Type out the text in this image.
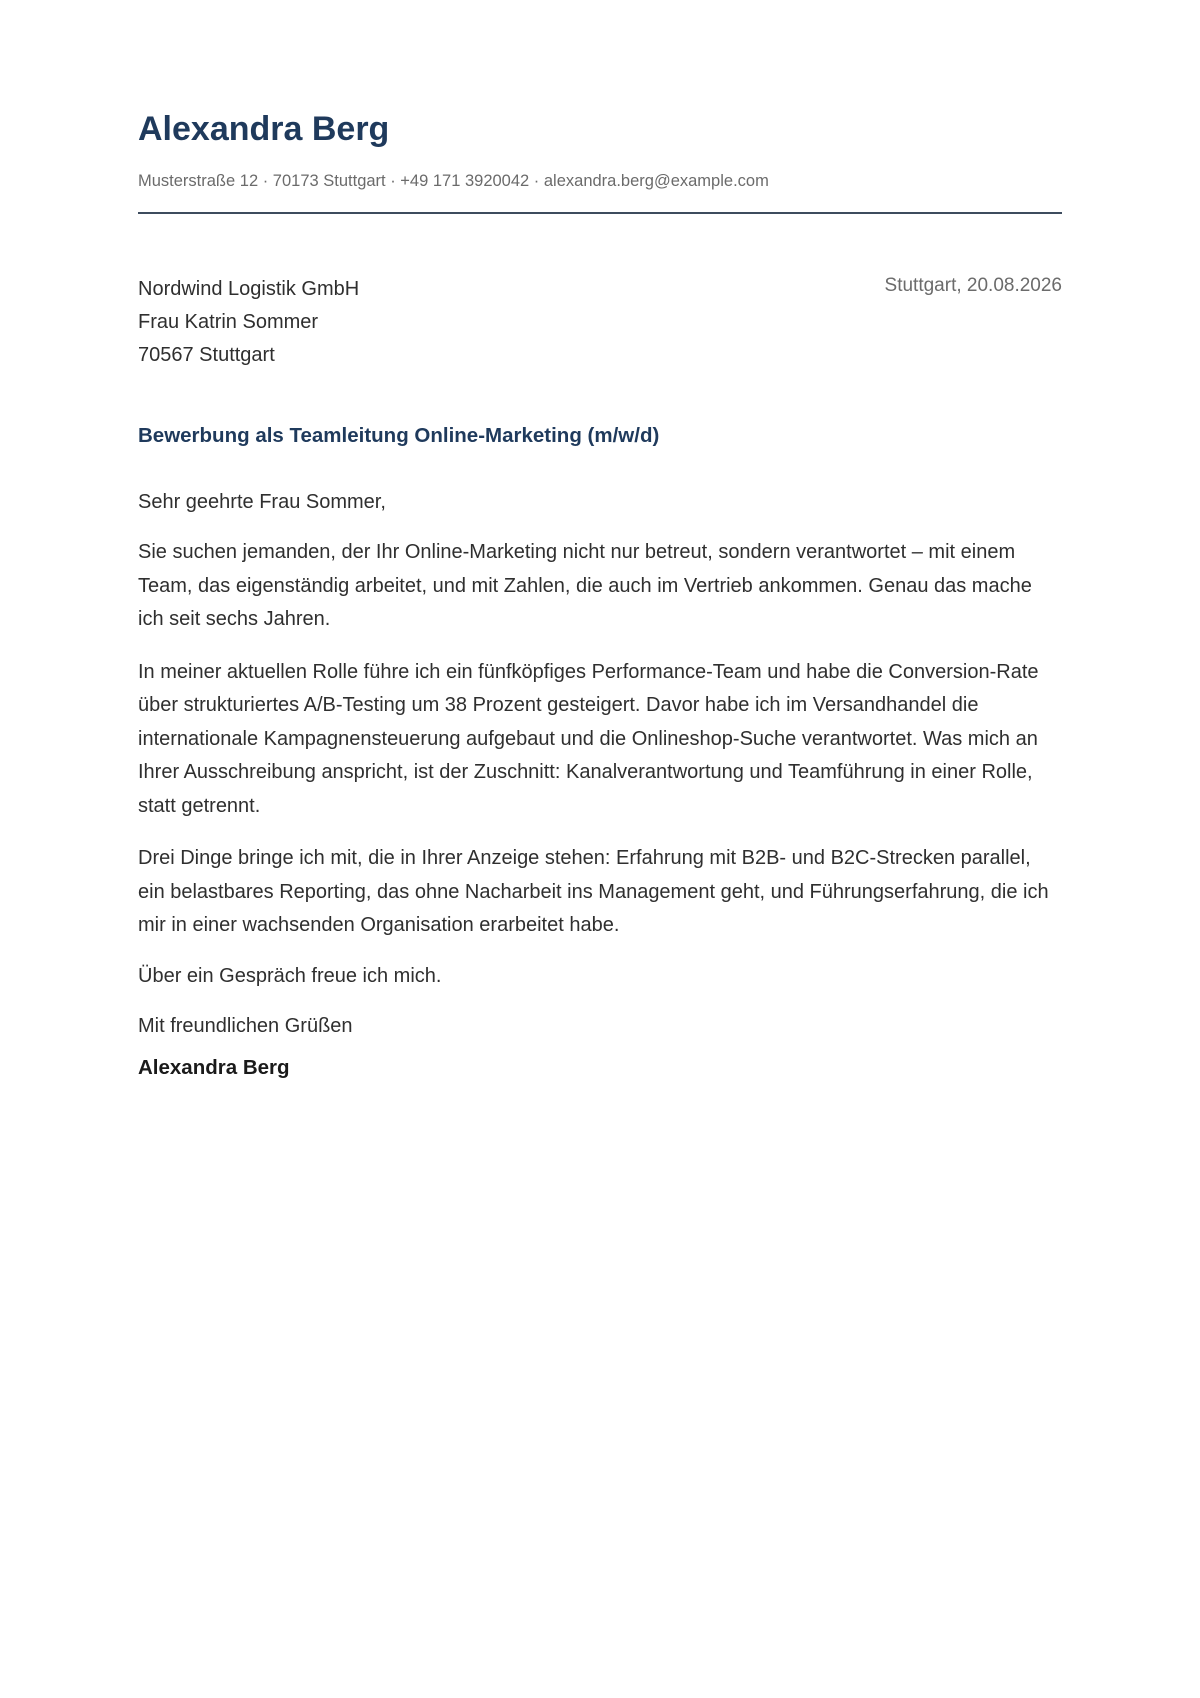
Alexandra Berg
Musterstraße 12 · 70173 Stuttgart · +49 171 3920042 · alexandra.berg@example.com
Nordwind Logistik GmbH
Frau Katrin Sommer
70567 Stuttgart
Stuttgart, 20.08.2026
Bewerbung als Teamleitung Online-Marketing (m/w/d)
Sehr geehrte Frau Sommer,
Sie suchen jemanden, der Ihr Online-Marketing nicht nur betreut, sondern verantwortet – mit einem Team, das eigenständig arbeitet, und mit Zahlen, die auch im Vertrieb ankommen. Genau das mache ich seit sechs Jahren.
In meiner aktuellen Rolle führe ich ein fünfköpfiges Performance-Team und habe die Conversion-Rate über strukturiertes A/B-Testing um 38 Prozent gesteigert. Davor habe ich im Versandhandel die internationale Kampagnensteuerung aufgebaut und die Onlineshop-Suche verantwortet. Was mich an Ihrer Ausschreibung anspricht, ist der Zuschnitt: Kanalverantwortung und Teamführung in einer Rolle, statt getrennt.
Drei Dinge bringe ich mit, die in Ihrer Anzeige stehen: Erfahrung mit B2B- und B2C-Strecken parallel, ein belastbares Reporting, das ohne Nacharbeit ins Management geht, und Führungserfahrung, die ich mir in einer wachsenden Organisation erarbeitet habe.
Über ein Gespräch freue ich mich.
Mit freundlichen Grüßen
Alexandra Berg
